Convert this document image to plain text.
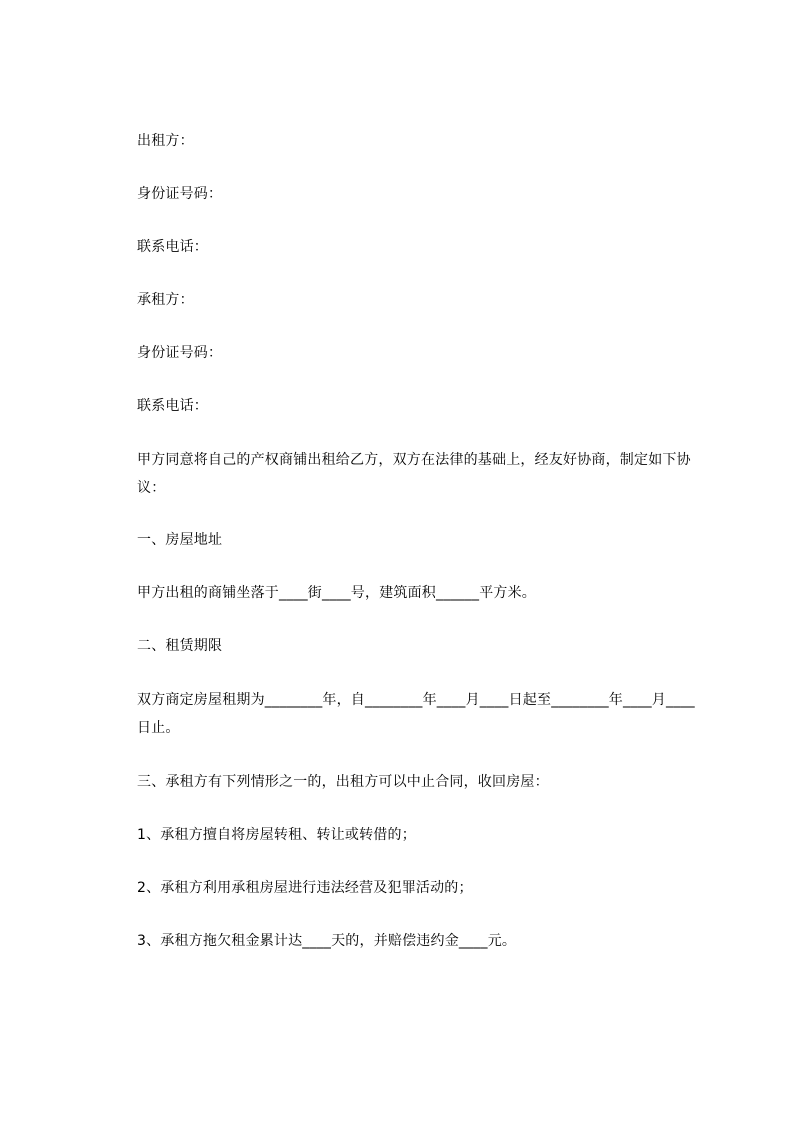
出租方：
身份证号码：
联系电话：
承租方：
身份证号码：
联系电话：
甲方同意将自己的产权商铺出租给乙方，双方在法律的基础上，经友好协商，制定如下协议：
一、房屋地址
甲方出租的商铺坐落于____街____号，建筑面积______平方米。
二、租赁期限
双方商定房屋租期为________年，自________年____月____日起至________年____月____日止。
三、承租方有下列情形之一的，出租方可以中止合同，收回房屋：
1、承租方擅自将房屋转租、转让或转借的；
2、承租方利用承租房屋进行违法经营及犯罪活动的；
3、承租方拖欠租金累计达____天的，并赔偿违约金____元。
